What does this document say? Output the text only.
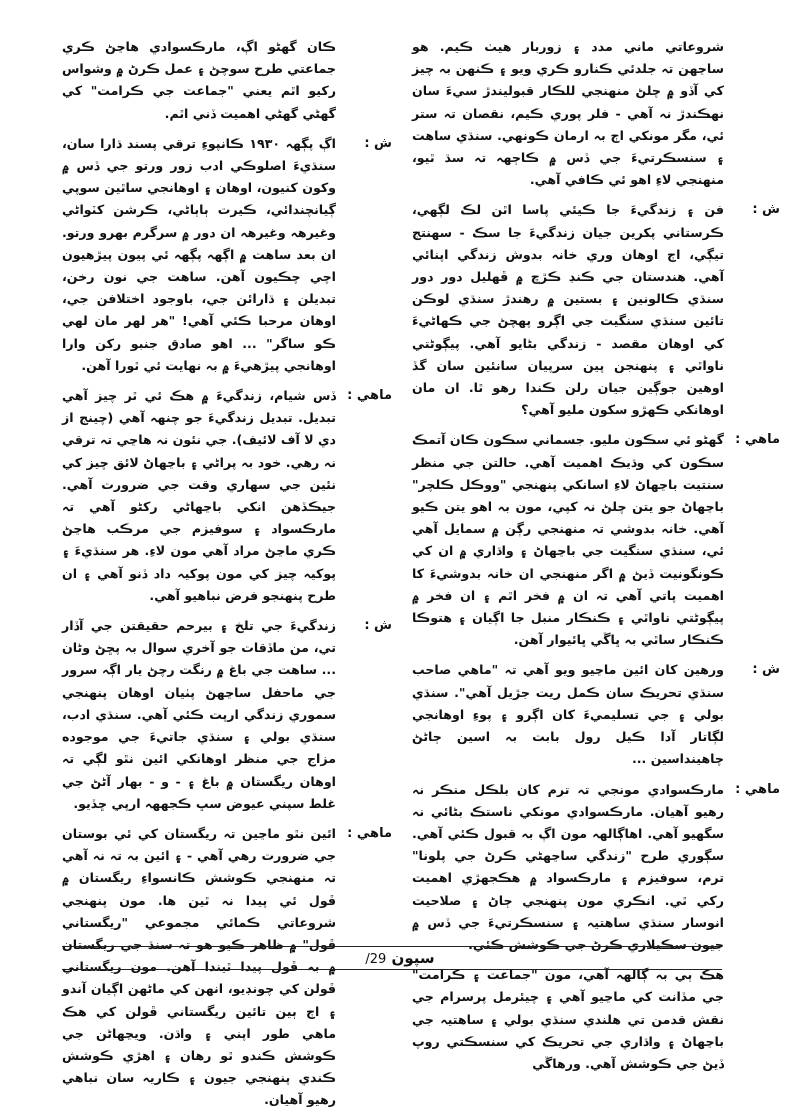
شروعاتي ماني مدد ۽ زوربار هيٺ ڪيم. هو ساڃهن تہ جلدئي ڪنارو ڪري ويو ۽ ڪنهن بہ چيز کي آڏو ۾ چلڻ منهنجي للڪار قبوليندڙ سيءَ سان نهڪندڙ نہ آهي - فلر پوري ڪيم، نقصان تہ ستر ئي، مگر مونکي اڄ بہ ارمان ڪونهي. سنڌي ساهت ۽ سنسڪرتيءَ جي ڏس ۾ ڪاڄهہ تہ سڌ ٿيو، منهنجي لاءِ اهو ئي ڪافي آهي.
ش :
فن ۽ زندگيءَ جا ڪيئي پاسا اٿن لڪ لڳهي، ڪرستاني پکرين جيان زندگيءَ جا سڪ - سهنتج تيڳي، اڄ اوهان وري خانہ بدوش زندگي اپنائي آهي. هندستان جي ڪنڊ ڪڙڇ ۾ ڦهليل دور دور سنڌي ڪالونين ۽ بستين ۾ رهندڙ سنڌي لوڪن تائين سنڌي سنگيت جي اڳرو پهچڻ جي ڪهاڻيءَ کي اوهان مقصد - زندگي بڻايو آهي. پيڳوڻتي ناواٿي ۽ پنهنجن پين سرپيان سانئين سان گڏ اوهين جوڳين جيان رلن ڪندا رهو ٿا. ان مان اوهانکي ڪهڙو سکون مليو آهي؟
ماهي :
گهڻو ئي سڪون مليو. جسماني سڪون ڪان آتمڪ سڪون کي وڌيڪ اهميت آهي. حالتن جي منظر سنتيت باڃهاڻ لاءِ اسانکي پنهنجي "ووڪل ڪلچر" باڃهاڻ جو يتن چلڻ نہ کپي، مون بہ اهو يتن ڪيو آهي. خانہ بدوشي تہ منهنجي رڳن ۾ سمايل آهي ئي، سنڌي سنگيت جي باڃهاڻ ۽ واڌاري ۾ ان کي ڪونگونيت ڏيڻ ۾ اگر منهنجي ان خانہ بدوشيءَ کا اهميت پاتي آهي تہ ان ۾ فخر اٿم ۽ ان فخر ۾ پيڳوڻتي ناواٿي ۽ ڪنڪار منبل جا اڳيان ۽ هتوڪا ڪنڪار ساٿي بہ ڀاڱي ڀائيوار آهن.
ش :
ورهين کان ائين ماڃيو ويو آهي تہ "ماهي صاحب سنڌي تحريڪ سان ڪمل ريت جڙيل آهي". سنڌي بولي ۽ جي تسليميءَ کان اڳرو ۽ پوءِ اوهانجي لڳاتار آدا ڪيل رول بابت بہ اسين ڄاڻڻ چاهينداسين ...
ماهي :
مارڪسوادي مونجي تہ ترم کان بلڪل منڪر نہ رهيو آهيان. مارڪسوادي مونکي ناستڪ بڻائي نہ سگهيو آهي. اهاڳالهہ مون اڳ بہ قبول ڪئي آهي. سڳوري طرح "زندگي ساڃهڻي ڪرڻ جي پلونا" ترم، سوفيزم ۽ مارڪسواد ۾ هڪجهڙي اهميت رکي ٿي. انڪري مون پنهنجي ڄاڻ ۽ صلاحيت انوسار سنڌي ساهتيہ ۽ سنسڪرتيءَ جي ڏس ۾ جيون سڪيلاري ڪرڻ جي ڪوشش ڪئي.
هڪ ٻي بہ ڳالهہ آهي، مون "جماعت ۽ ڪرامت" جي مڏانت کي ماڃيو آهي ۽ چيئرمل پرسرام جي نقش قدمن تي هلندي سنڌي بولي ۽ ساهتيہ جي باڃهاڻ ۽ واڌاري جي تحريڪ کي سنسڪتي روپ ڏيڻ جي ڪوشش آهي. ورهاڱي
ڪان گهڻو اڳ، مارڪسوادي هاڃڻ ڪري جماعتي طرح سوچڻ ۽ عمل ڪرڻ ۾ وشواس رکيو اٿم يعني "جماعت جي ڪرامت" کي گهڻي گهڻي اهميت ڏني اٿم.
ش :
اڳ پڳهہ ١٩٣٠ ڪانپوءِ ترقي پسند ڌارا سان، سنڌيءَ اصلوڪي ادب زور ورتو جي ڏس ۾ وکون کنيون، اوهان ۽ اوهانجي ساٿين سوپي ڳيانچندائي، ڪيرت ٻاٻاڻي، ڪرشن کٽواڻي وغيرهہ وغيرهہ ان دور ۾ سرگرم بهرو ورتو. ان بعد ساهت ۾ اڳهہ پڳهہ ئي پيون پيڙهيون اچي چڪيون آهن. ساهت جي نون رخن، تبديلن ۽ ڌارائن جي، باوجود اختلافن جي، اوهان مرحبا ڪئي آهي! "هر لهر مان لهي ڪو ساگر" ... اهو صادق جنبو رکن وارا اوهانجي پيڙهيءَ ۾ بہ نهايت ئي ٿورا آهن.
ماهي :
ڏس شيام، زندگيءَ ۾ هڪ ئي ٿر چيز آهي تبديل. تبديل زندگيءَ جو چنهہ آهي (چينج از دي لا آف لائيف). جي نئون نہ هاڃي تہ ترقي نہ رهي. خود بہ پراڻي ۽ باڃهاڻ لائق چيز کي نئين جي سهاري وقت جي ضرورت آهي. جيڪڏهن انکي باڃهاڻي رکڻو آهي تہ مارڪسواد ۽ سوفيزم جي مرڪب هاڃڻ ڪري ماڃڻ مراد آهي مون لاءِ. هر سنڌيءَ ۽ پوکيہ چيز کي مون پوکيہ داد ڏنو آهي ۽ ان طرح پنهنجو فرض نباهيو آهي.
ش :
زندگيءَ جي تلخ ۽ بيرحم حقيقتن جي آڏار تي، من ماڏقات جو آخري سوال بہ پڇڻ وڻان ... ساهت جي باغ ۾ رنگت رچڻ يار اڳہ سرور جي ماحفل ساڃهڻ پٺيان اوهان پنهنجي سموري زندگي ارپت ڪئي آهي. سنڌي ادب، سنڌي بولي ۽ سنڌي جاتيءَ جي موجوده مزاج جي منظر اوهانکي ائين نٿو لڳي تہ اوهان ريگستان ۾ باغ ۽ - و - بهار آڻڻ جي غلط سپني عيوض سڀ ڪجههہ ارپي ڇڏيو.
ماهي :
ائين نٿو ماڃين تہ ريگستان کي ئي بوستان جي ضرورت رهي آهي - ۽ ائين بہ تہ نہ آهي تہ منهنجي ڪوشش ڪانسواءِ ريگستان ۾ ڦول ئي پيدا نہ ٿين ها. مون پنهنجي شروعاتي ڪمائي مجموعي "ريگستاني ڦول" ۾ ظاهر ڪيو هو تہ سنڌ جي ريگستان ۾ بہ ڦول پيدا ٿيندا آهن. مون ريگستاني ڦولن کي چونڊيو، انهن کي ماڻهن اڳيان آندو ۽ اڄ ٻين تائين ريگستاني ڦولن کي هڪ ماهي طور اپني ۽ واڌن. ويڃهاڻن جي ڪوشش ڪندو ٿو رهان ۽ اهڙي ڪوشش ڪندي پنهنجي جيون ۽ ڪاريہ سان نباهي رهيو آهيان.
سپون 29/
